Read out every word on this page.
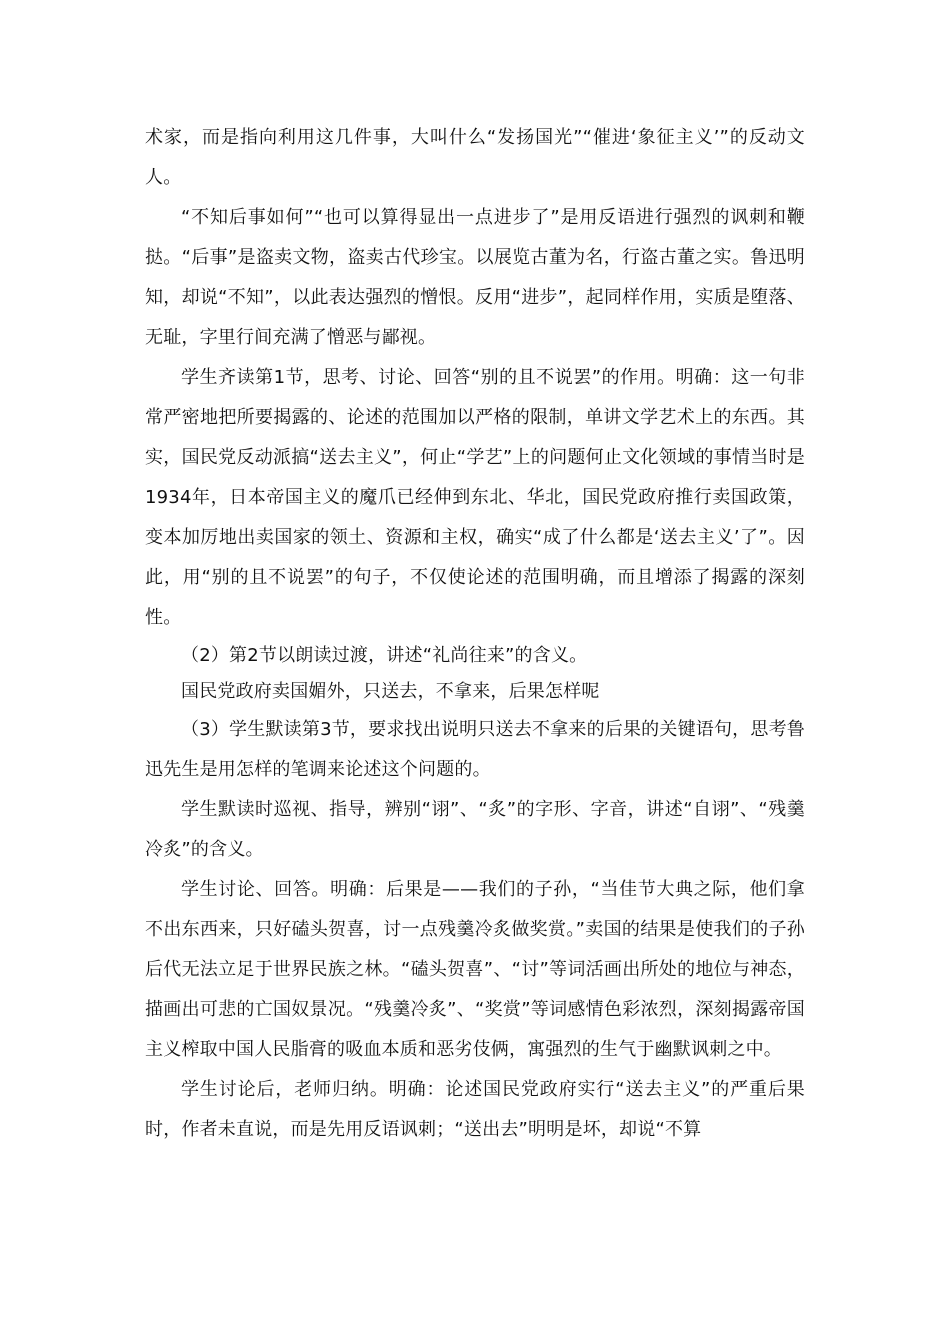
术家，而是指向利用这几件事，大叫什么“发扬国光”“催进‘象征主义’”的反动文人。

“不知后事如何”“也可以算得显出一点进步了”是用反语进行强烈的讽刺和鞭挞。“后事”是盗卖文物，盗卖古代珍宝。以展览古董为名，行盗古董之实。鲁迅明知，却说“不知”，以此表达强烈的憎恨。反用“进步”，起同样作用，实质是堕落、无耻，字里行间充满了憎恶与鄙视。

学生齐读第1节，思考、讨论、回答“别的且不说罢”的作用。明确：这一句非常严密地把所要揭露的、论述的范围加以严格的限制，单讲文学艺术上的东西。其实，国民党反动派搞“送去主义”，何止“学艺”上的问题何止文化领域的事情当时是1934年，日本帝国主义的魔爪已经伸到东北、华北，国民党政府推行卖国政策，变本加厉地出卖国家的领土、资源和主权，确实“成了什么都是‘送去主义’了”。因此，用“别的且不说罢”的句子，不仅使论述的范围明确，而且增添了揭露的深刻性。

（2）第2节以朗读过渡，讲述“礼尚往来”的含义。

国民党政府卖国媚外，只送去，不拿来，后果怎样呢

（3）学生默读第3节，要求找出说明只送去不拿来的后果的关键语句，思考鲁迅先生是用怎样的笔调来论述这个问题的。

学生默读时巡视、指导，辨别“诩”、“炙”的字形、字音，讲述“自诩”、“残羹冷炙”的含义。

学生讨论、回答。明确：后果是——我们的子孙，“当佳节大典之际，他们拿不出东西来，只好磕头贺喜，讨一点残羹冷炙做奖赏。”卖国的结果是使我们的子孙后代无法立足于世界民族之林。“磕头贺喜”、“讨”等词活画出所处的地位与神态，描画出可悲的亡国奴景况。“残羹冷炙”、“奖赏”等词感情色彩浓烈，深刻揭露帝国主义榨取中国人民脂膏的吸血本质和恶劣伎俩，寓强烈的生气于幽默讽刺之中。

学生讨论后，老师归纳。明确：论述国民党政府实行“送去主义”的严重后果时，作者未直说，而是先用反语讽刺；“送出去”明明是坏，却说“不算
